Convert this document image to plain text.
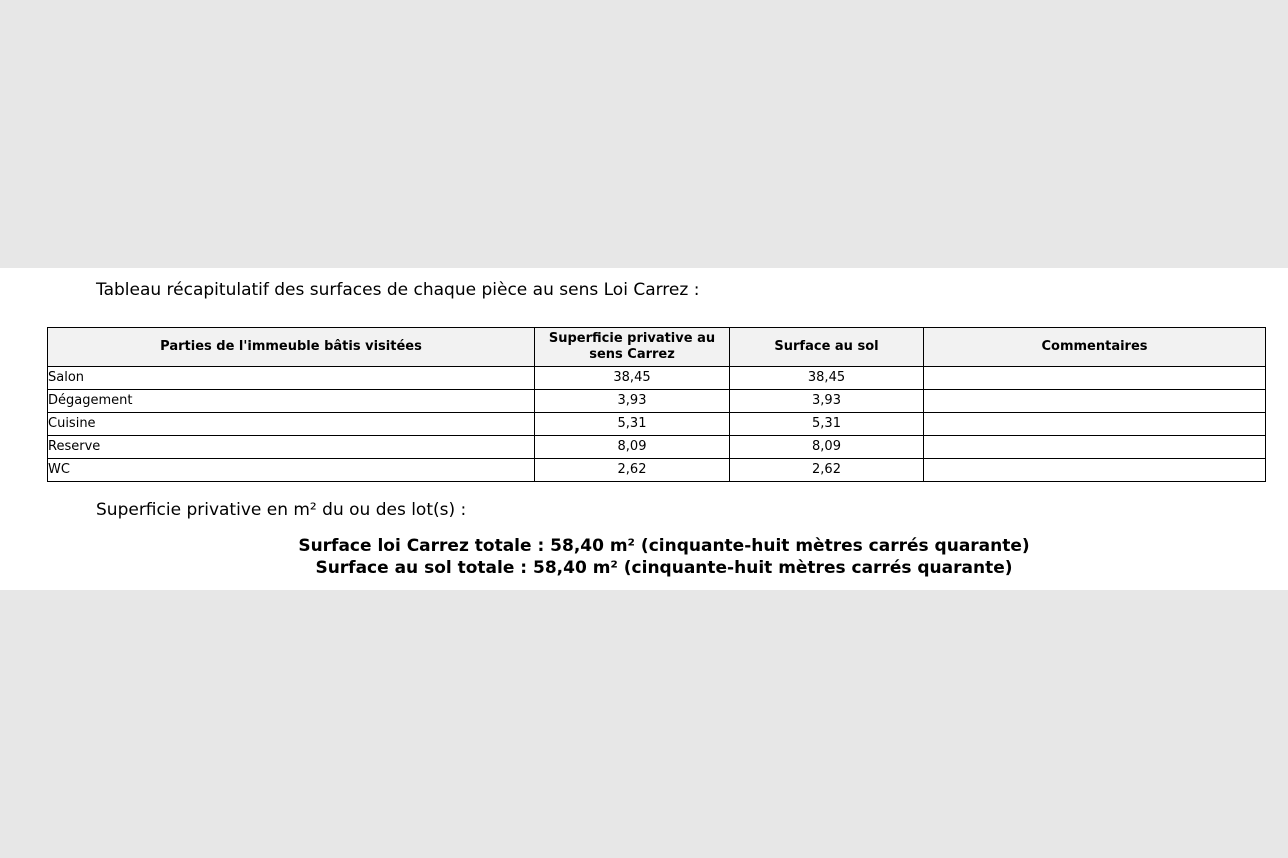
Tableau récapitulatif des surfaces de chaque pièce au sens Loi Carrez :
Parties de l'immeuble bâtis visitées	Superficie privative au sens Carrez	Surface au sol	Commentaires
Salon	38,45	38,45	
Dégagement	3,93	3,93	
Cuisine	5,31	5,31	
Reserve	8,09	8,09	
WC	2,62	2,62	
Superficie privative en m² du ou des lot(s) :
Surface loi Carrez totale : 58,40 m² (cinquante-huit mètres carrés quarante)
Surface au sol totale : 58,40 m² (cinquante-huit mètres carrés quarante)
